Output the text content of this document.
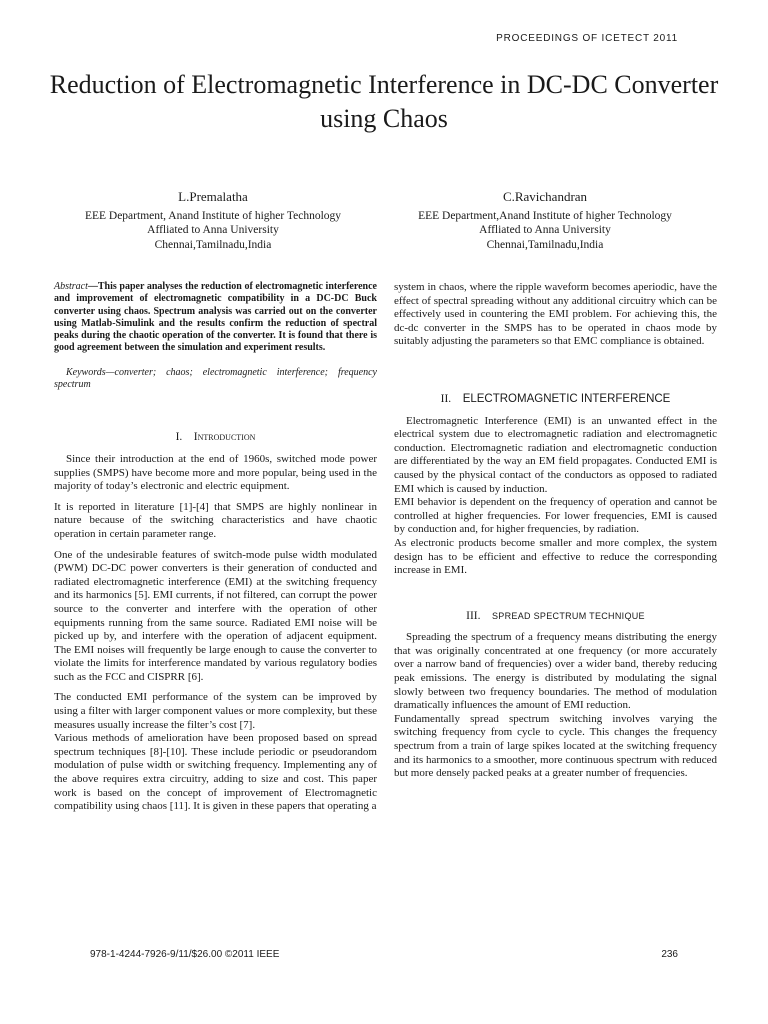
PROCEEDINGS OF ICETECT 2011
Reduction of Electromagnetic Interference in DC-DC Converter using Chaos
L.Premalatha
EEE Department, Anand Institute of higher Technology
Affliated to Anna University
Chennai,Tamilnadu,India
C.Ravichandran
EEE Department,Anand Institute of higher Technology
Affliated to Anna University
Chennai,Tamilnadu,India

Abstract—This paper analyses the reduction of electromagnetic interference and improvement of electromagnetic compatibility in a DC-DC Buck converter using chaos. Spectrum analysis was carried out on the converter using Matlab-Simulink and the results confirm the reduction of spectral peaks during the chaotic operation of the converter. It is found that there is good agreement between the simulation and experiment results.

Keywords—converter; chaos; electromagnetic interference; frequency spectrum

I. Introduction

Since their introduction at the end of 1960s, switched mode power supplies (SMPS) have become more and more popular, being used in the majority of today’s electronic and electric equipment.

It is reported in literature [1]-[4] that SMPS are highly nonlinear in nature because of the switching characteristics and have chaotic operation in certain parameter range.

One of the undesirable features of switch-mode pulse width modulated (PWM) DC-DC power converters is their generation of conducted and radiated electromagnetic interference (EMI) at the switching frequency and its harmonics [5]. EMI currents, if not filtered, can corrupt the power source to the converter and interfere with the operation of other equipments running from the same source. Radiated EMI noise will be picked up by, and interfere with the operation of adjacent equipment. The EMI noises will frequently be large enough to cause the converter to violate the limits for interference mandated by various regulatory bodies such as the FCC and CISPRR [6].

The conducted EMI performance of the system can be improved by using a filter with larger component values or more complexity, but these measures usually increase the filter’s cost [7].

Various methods of amelioration have been proposed based on spread spectrum techniques [8]-[10]. These include periodic or pseudorandom modulation of pulse width or switching frequency. Implementing any of the above requires extra circuitry, adding to size and cost. This paper work is based on the concept of improvement of Electromagnetic compatibility using chaos [11]. It is given in these papers that operating a

system in chaos, where the ripple waveform becomes aperiodic, have the effect of spectral spreading without any additional circuitry which can be effectively used in countering the EMI problem. For achieving this, the dc-dc converter in the SMPS has to be operated in chaos mode by suitably adjusting the parameters so that EMC compliance is obtained.

II. ELECTROMAGNETIC INTERFERENCE

Electromagnetic Interference (EMI) is an unwanted effect in the electrical system due to electromagnetic radiation and electromagnetic conduction. Electromagnetic radiation and electromagnetic conduction are differentiated by the way an EM field propagates. Conducted EMI is caused by the physical contact of the conductors as opposed to radiated EMI which is caused by induction.

EMI behavior is dependent on the frequency of operation and cannot be controlled at higher frequencies. For lower frequencies, EMI is caused by conduction and, for higher frequencies, by radiation.

As electronic products become smaller and more complex, the system design has to be efficient and effective to reduce the corresponding increase in EMI.

III. SPREAD SPECTRUM TECHNIQUE

Spreading the spectrum of a frequency means distributing the energy that was originally concentrated at one frequency (or more accurately over a narrow band of frequencies) over a wider band, thereby reducing peak emissions. The energy is distributed by modulating the signal slowly between two frequency boundaries. The method of modulation dramatically influences the amount of EMI reduction.

Fundamentally spread spectrum switching involves varying the switching frequency from cycle to cycle. This changes the frequency spectrum from a train of large spikes located at the switching frequency and its harmonics to a smoother, more continuous spectrum with reduced but more densely packed peaks at a greater number of frequencies.

978-1-4244-7926-9/11/$26.00 ©2011 IEEE	236
